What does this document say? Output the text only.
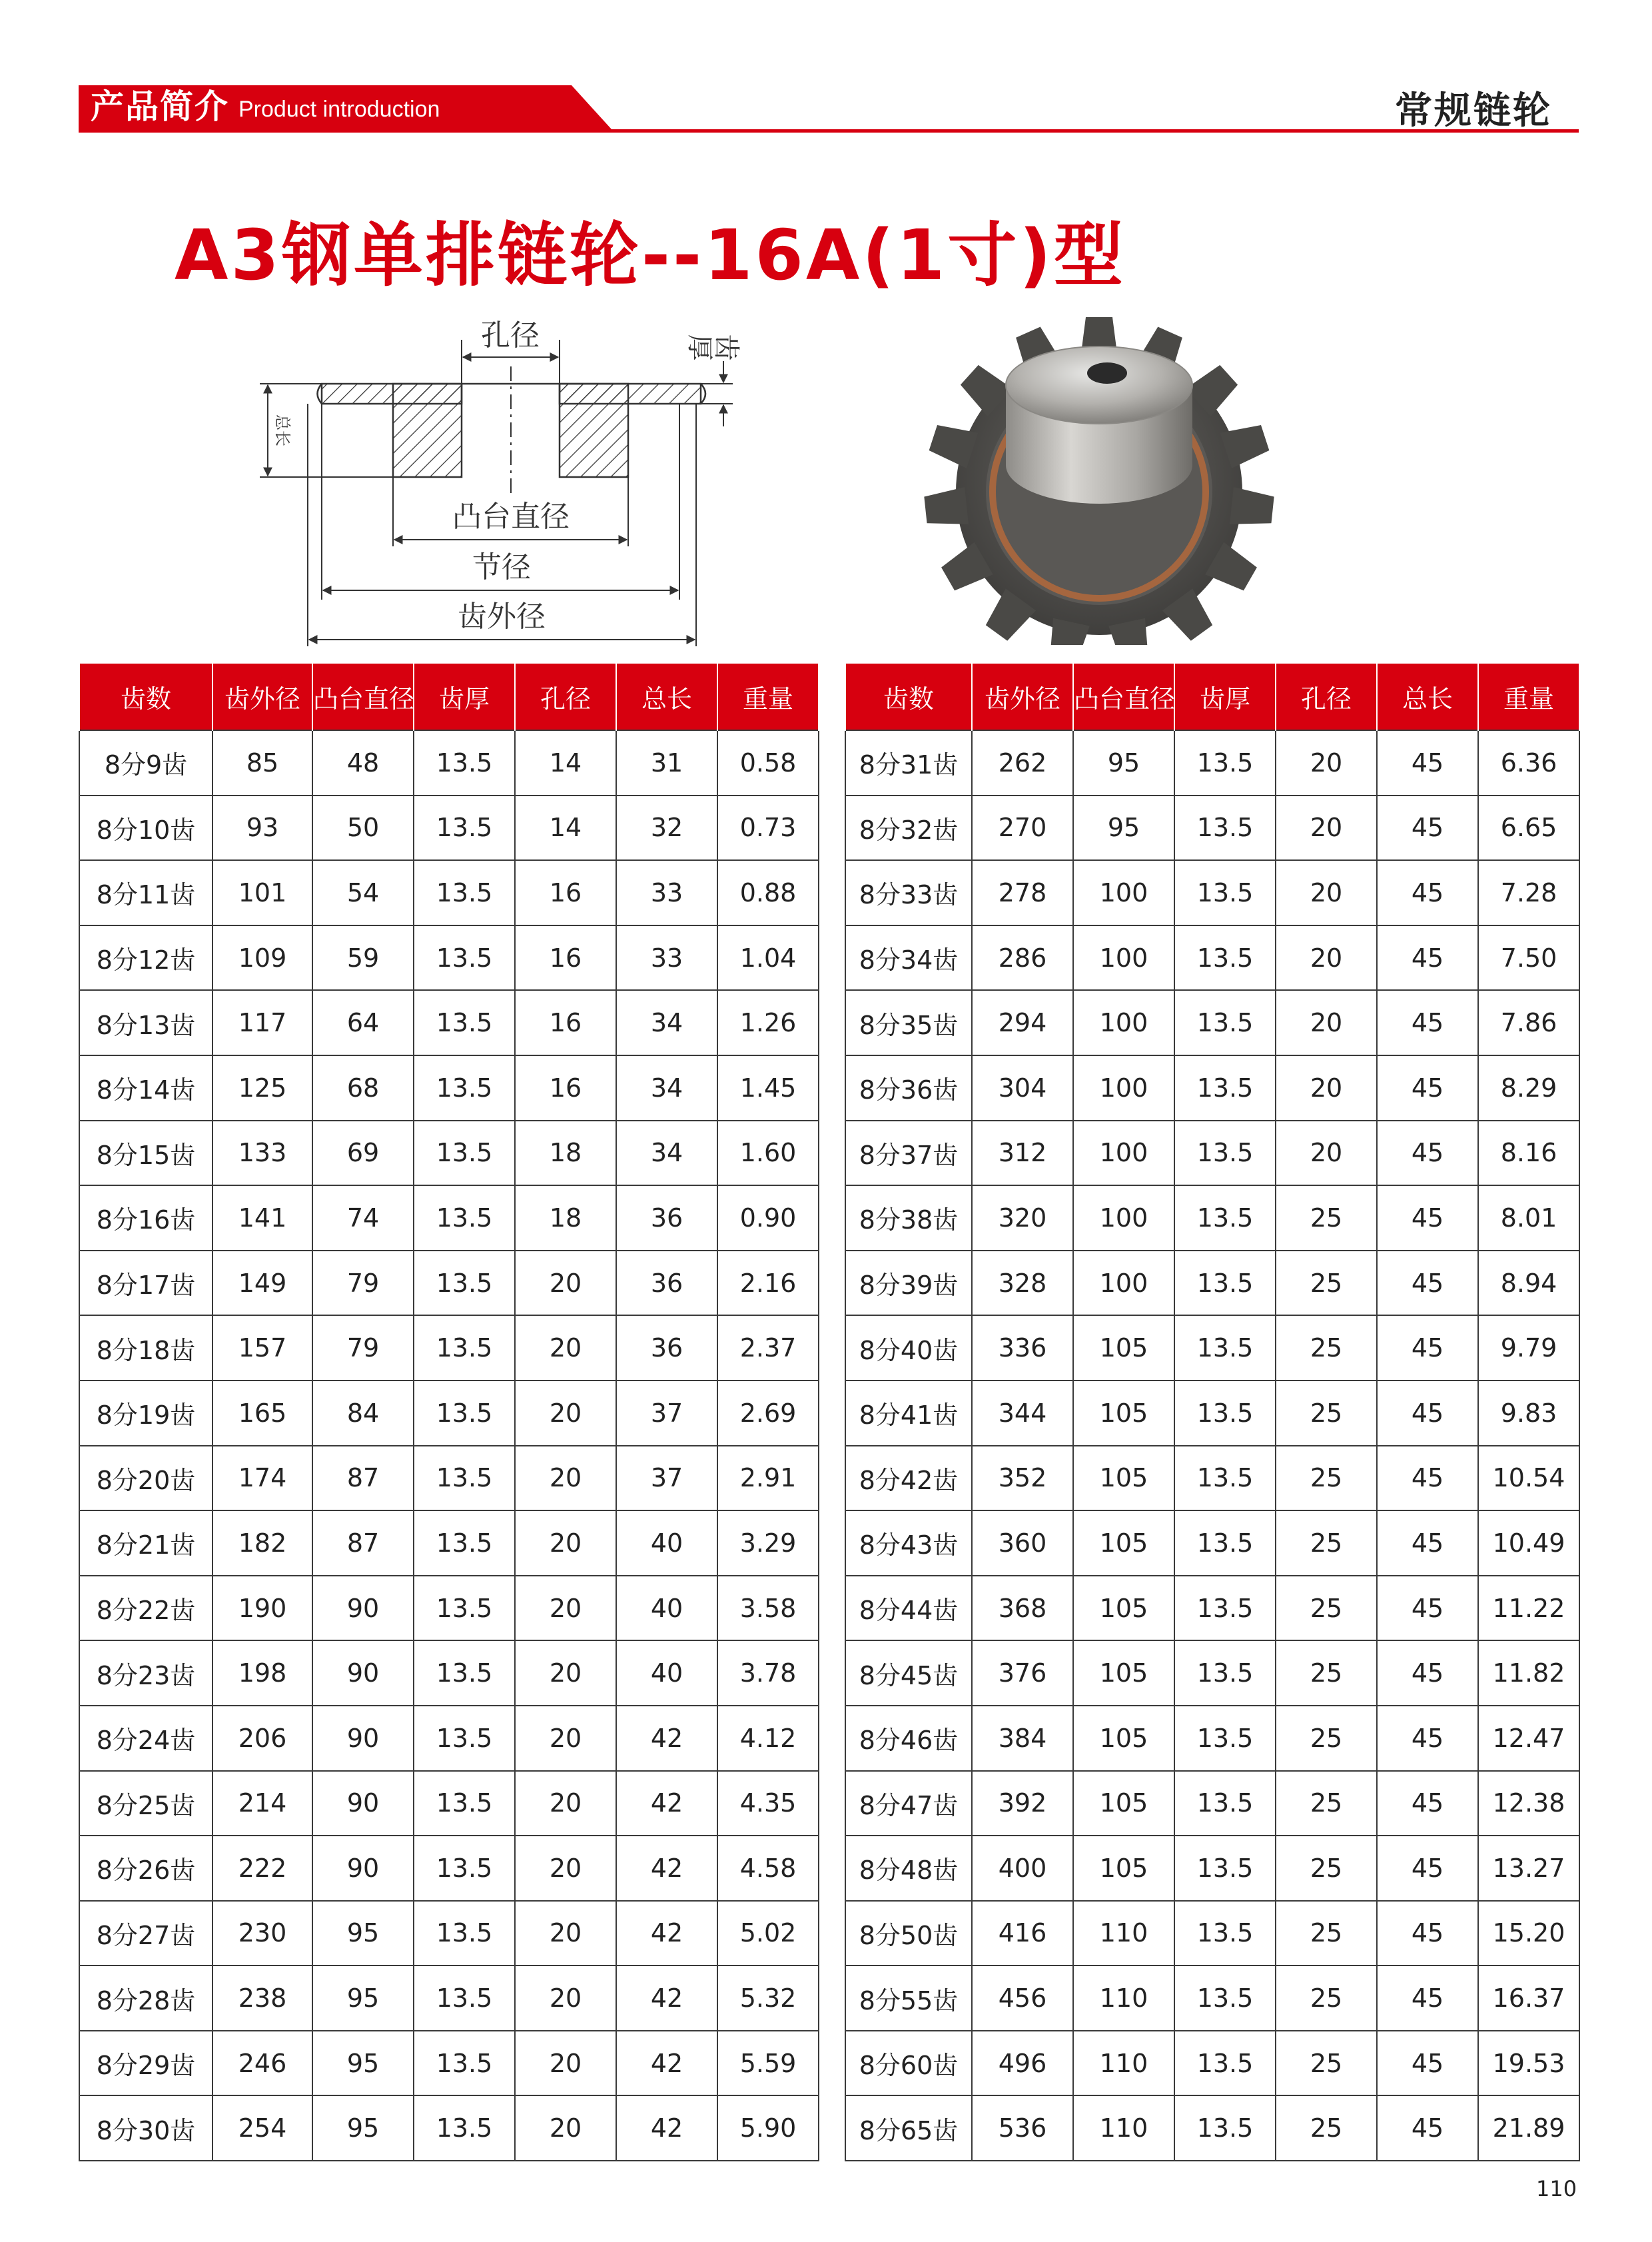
产品简介 Product introduction	常规链轮
A3钢单排链轮--16A(1寸)型
孔径	齿厚
总长
凸台直径
节径
齿外径
齿数	齿外径	凸台直径	齿厚	孔径	总长	重量
8分9齿	85	48	13.5	14	31	0.58
8分10齿	93	50	13.5	14	32	0.73
8分11齿	101	54	13.5	16	33	0.88
8分12齿	109	59	13.5	16	33	1.04
8分13齿	117	64	13.5	16	34	1.26
8分14齿	125	68	13.5	16	34	1.45
8分15齿	133	69	13.5	18	34	1.60
8分16齿	141	74	13.5	18	36	0.90
8分17齿	149	79	13.5	20	36	2.16
8分18齿	157	79	13.5	20	36	2.37
8分19齿	165	84	13.5	20	37	2.69
8分20齿	174	87	13.5	20	37	2.91
8分21齿	182	87	13.5	20	40	3.29
8分22齿	190	90	13.5	20	40	3.58
8分23齿	198	90	13.5	20	40	3.78
8分24齿	206	90	13.5	20	42	4.12
8分25齿	214	90	13.5	20	42	4.35
8分26齿	222	90	13.5	20	42	4.58
8分27齿	230	95	13.5	20	42	5.02
8分28齿	238	95	13.5	20	42	5.32
8分29齿	246	95	13.5	20	42	5.59
8分30齿	254	95	13.5	20	42	5.90
齿数	齿外径	凸台直径	齿厚	孔径	总长	重量
8分31齿	262	95	13.5	20	45	6.36
8分32齿	270	95	13.5	20	45	6.65
8分33齿	278	100	13.5	20	45	7.28
8分34齿	286	100	13.5	20	45	7.50
8分35齿	294	100	13.5	20	45	7.86
8分36齿	304	100	13.5	20	45	8.29
8分37齿	312	100	13.5	20	45	8.16
8分38齿	320	100	13.5	25	45	8.01
8分39齿	328	100	13.5	25	45	8.94
8分40齿	336	105	13.5	25	45	9.79
8分41齿	344	105	13.5	25	45	9.83
8分42齿	352	105	13.5	25	45	10.54
8分43齿	360	105	13.5	25	45	10.49
8分44齿	368	105	13.5	25	45	11.22
8分45齿	376	105	13.5	25	45	11.82
8分46齿	384	105	13.5	25	45	12.47
8分47齿	392	105	13.5	25	45	12.38
8分48齿	400	105	13.5	25	45	13.27
8分50齿	416	110	13.5	25	45	15.20
8分55齿	456	110	13.5	25	45	16.37
8分60齿	496	110	13.5	25	45	19.53
8分65齿	536	110	13.5	25	45	21.89
110
